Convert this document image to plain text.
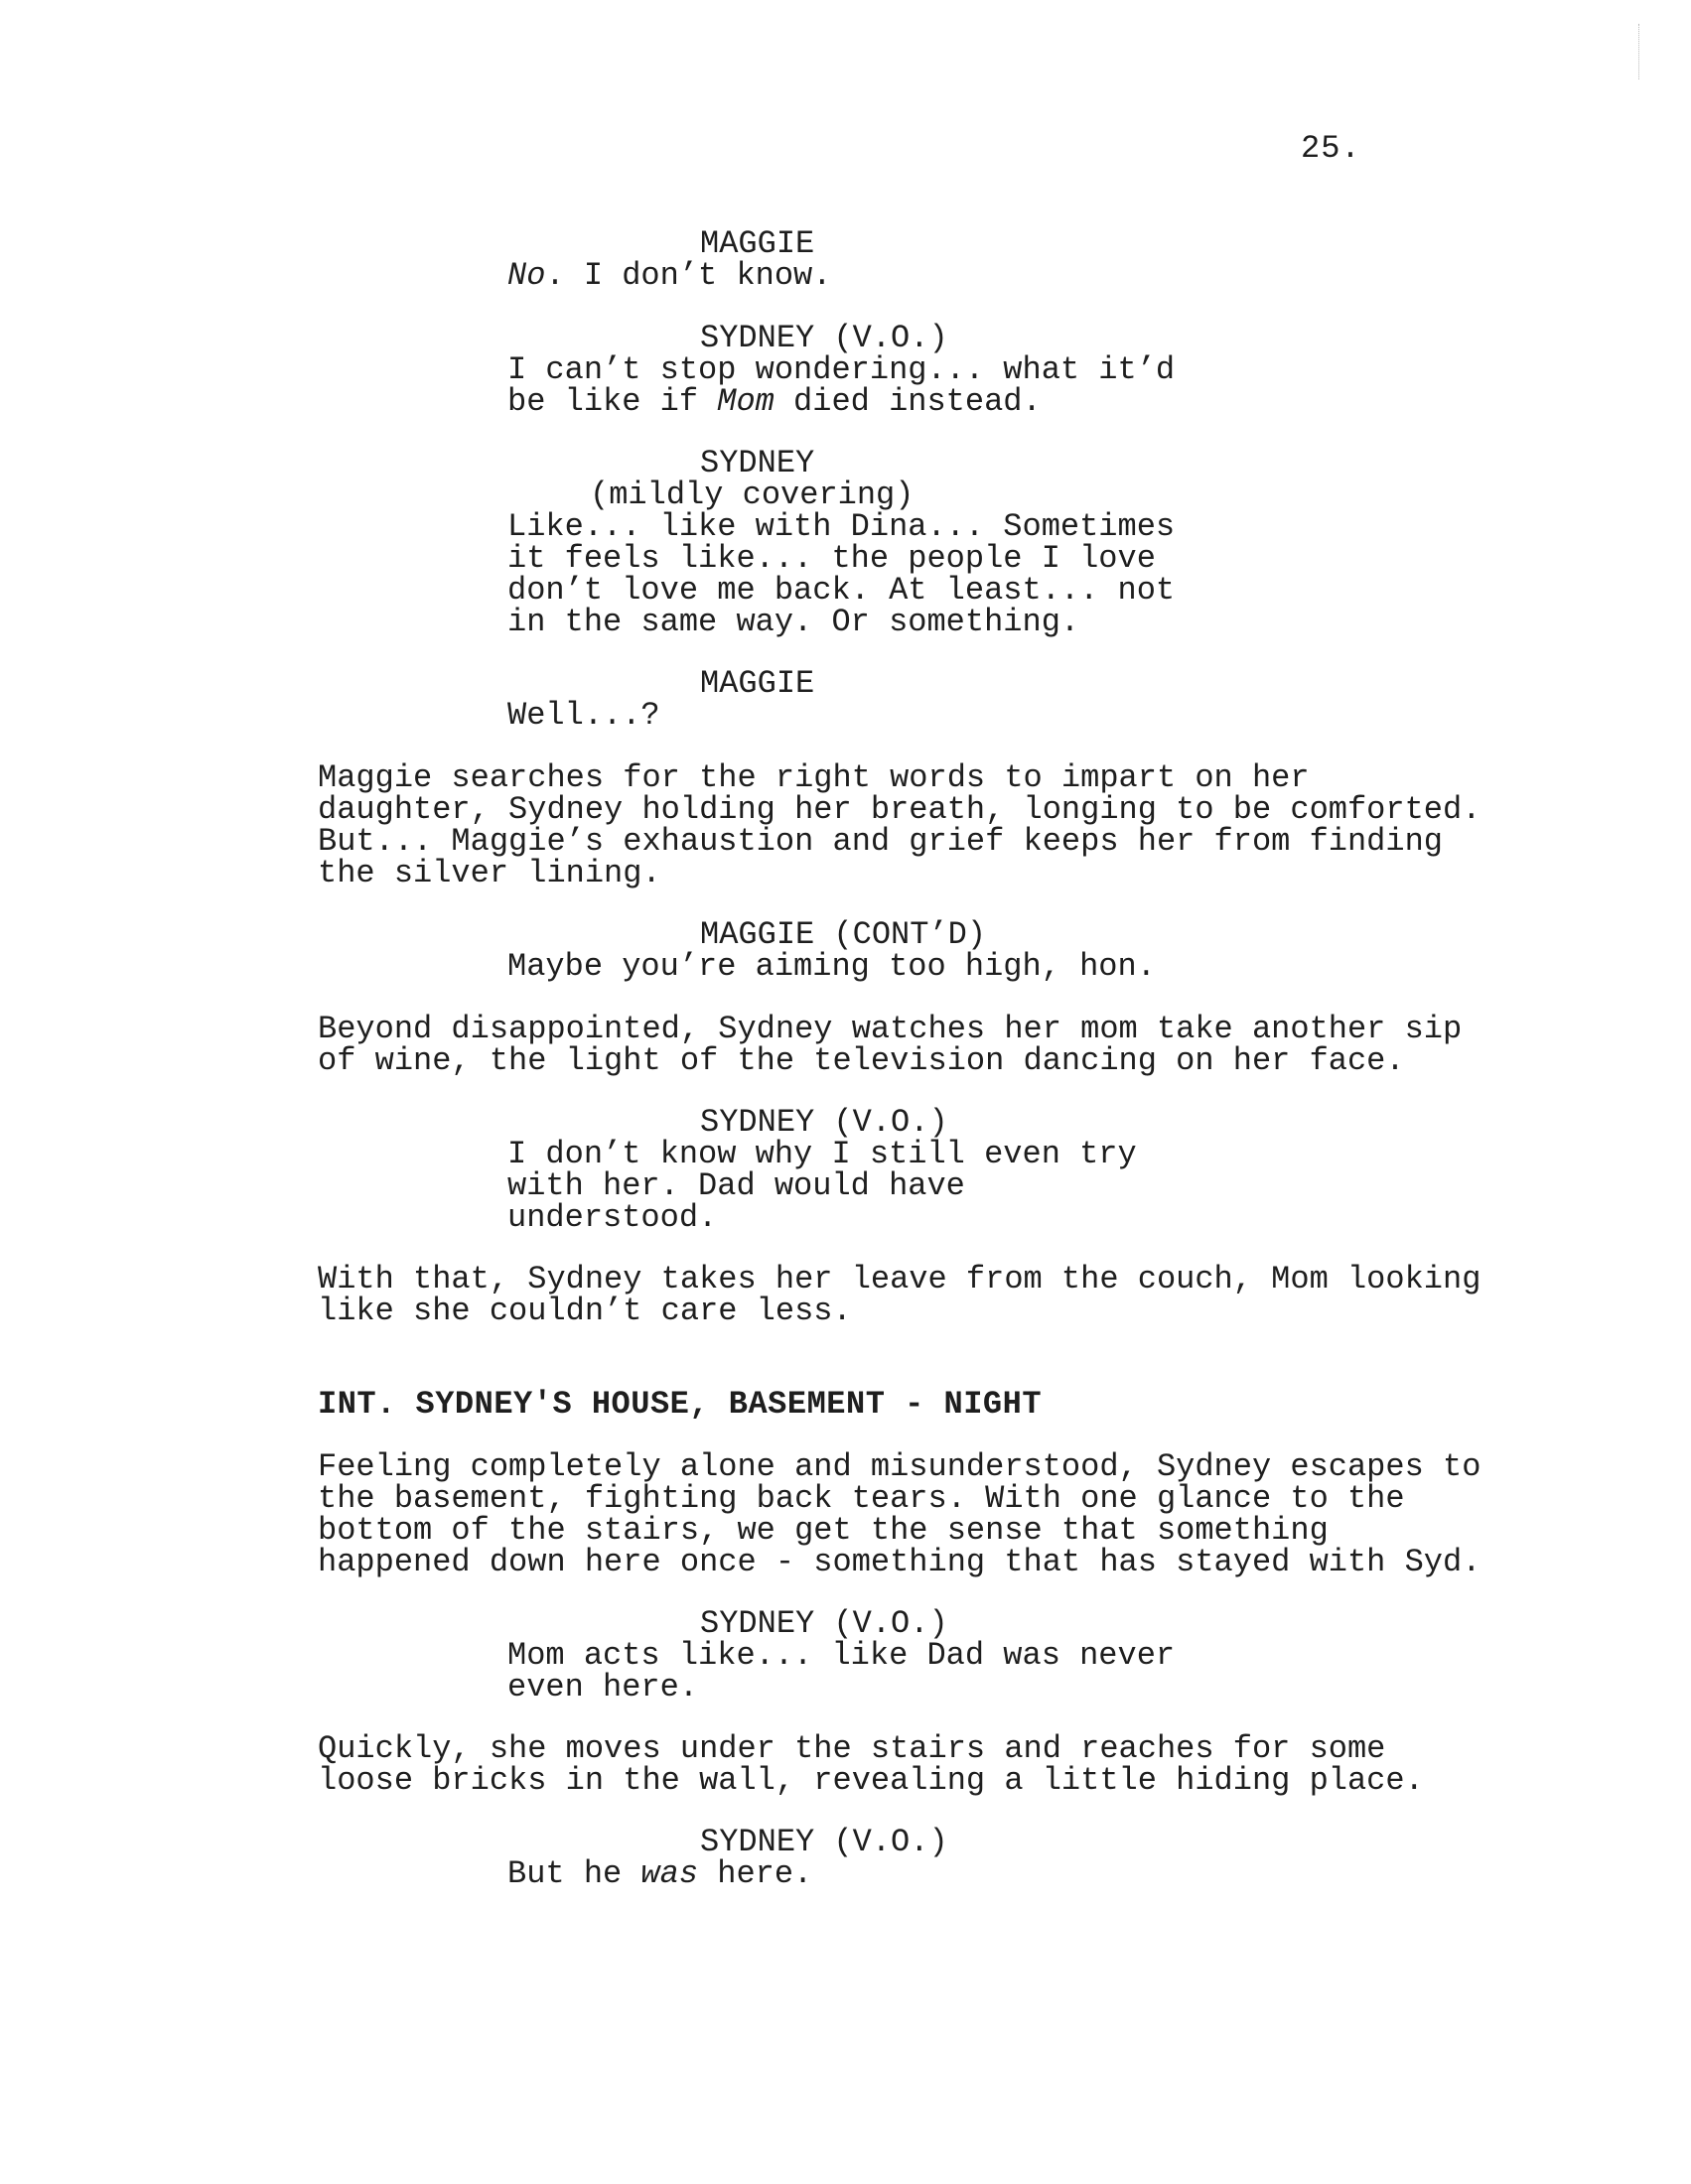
25.

MAGGIE

No. I don’t know.

SYDNEY (V.O.)

I can’t stop wondering... what it’d

be like if Mom died instead.

SYDNEY
(mildly covering)

Like... like with Dina... Sometimes

it feels like... the people I love

don’t love me back. At least... not

in the same way. Or something.

MAGGIE

Well...?

Maggie searches for the right words to impart on her

daughter, Sydney holding her breath, longing to be comforted.

But... Maggie’s exhaustion and grief keeps her from finding

the silver lining.

MAGGIE (CONT’D)

Maybe you’re aiming too high, hon.

Beyond disappointed, Sydney watches her mom take another sip

of wine, the light of the television dancing on her face.

SYDNEY (V.O.)

I don’t know why I still even try

with her. Dad would have

understood.

With that, Sydney takes her leave from the couch, Mom looking

like she couldn’t care less.

INT. SYDNEY'S HOUSE, BASEMENT - NIGHT

Feeling completely alone and misunderstood, Sydney escapes to

the basement, fighting back tears. With one glance to the

bottom of the stairs, we get the sense that something

happened down here once - something that has stayed with Syd.

SYDNEY (V.O.)

Mom acts like... like Dad was never

even here.

Quickly, she moves under the stairs and reaches for some

loose bricks in the wall, revealing a little hiding place.

SYDNEY (V.O.)

But he was here.
